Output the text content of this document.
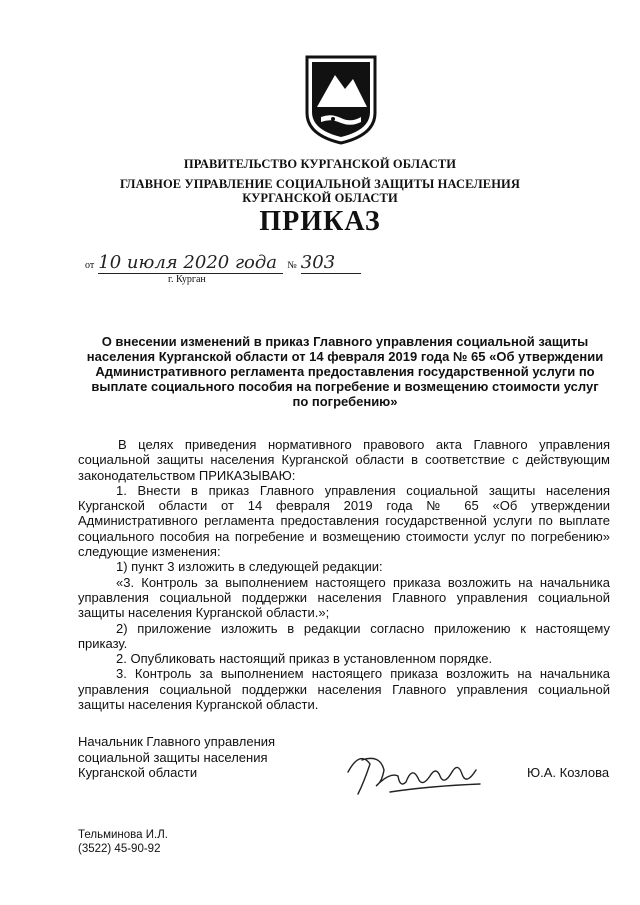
ПРАВИТЕЛЬСТВО КУРГАНСКОЙ ОБЛАСТИ
ГЛАВНОЕ УПРАВЛЕНИЕ СОЦИАЛЬНОЙ ЗАЩИТЫ НАСЕЛЕНИЯ
КУРГАНСКОЙ ОБЛАСТИ
ПРИКАЗ
от 10 июля 2020 года № 303
г. Курган
О внесении изменений в приказ Главного управления социальной защиты населения Курганской области от 14 февраля 2019 года № 65 «Об утверждении Административного регламента предоставления государственной услуги по выплате социального пособия на погребение и возмещению стоимости услуг по погребению»

В целях приведения нормативного правового акта Главного управления социальной защиты населения Курганской области в соответствие с действующим законодательством ПРИКАЗЫВАЮ:

1. Внести в приказ Главного управления социальной защиты населения Курганской области от 14 февраля 2019 года № 65 «Об утверждении Административного регламента предоставления государственной услуги по выплате социального пособия на погребение и возмещению стоимости услуг по погребению» следующие изменения:

1) пункт 3 изложить в следующей редакции:

«3. Контроль за выполнением настоящего приказа возложить на начальника управления социальной поддержки населения Главного управления социальной защиты населения Курганской области.»;

2) приложение изложить в редакции согласно приложению к настоящему приказу.

2. Опубликовать настоящий приказ в установленном порядке.

3. Контроль за выполнением настоящего приказа возложить на начальника управления социальной поддержки населения Главного управления социальной защиты населения Курганской области.

Начальник Главного управления
социальной защиты населения
Курганской области	Ю.А. Козлова
Тельминова И.Л.
(3522) 45-90-92
